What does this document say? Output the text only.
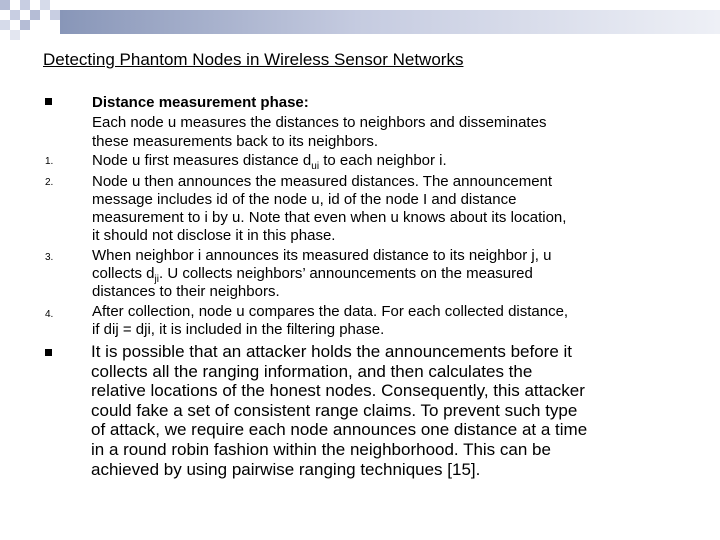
Detecting Phantom Nodes in Wireless Sensor Networks
Distance measurement phase:
Each node u measures the distances to neighbors and disseminates
these measurements back to its neighbors.
1.	Node u first measures distance $d_{ui}$ to each neighbor i.
2.	Node u then announces the measured distances. The announcement
message includes id of the node u, id of the node I and distance
measurement to i by u. Note that even when u knows about its location,
it should not disclose it in this phase.
3.	When neighbor i announces its measured distance to its neighbor j, u
collects $d_{ji}$. U collects neighbors’ announcements on the measured
distances to their neighbors.
4.	After collection, node u compares the data. For each collected distance,
if dij = dji, it is included in the filtering phase.
It is possible that an attacker holds the announcements before it
collects all the ranging information, and then calculates the
relative locations of the honest nodes. Consequently, this attacker
could fake a set of consistent range claims. To prevent such type
of attack, we require each node announces one distance at a time
in a round robin fashion within the neighborhood. This can be
achieved by using pairwise ranging techniques [15].
